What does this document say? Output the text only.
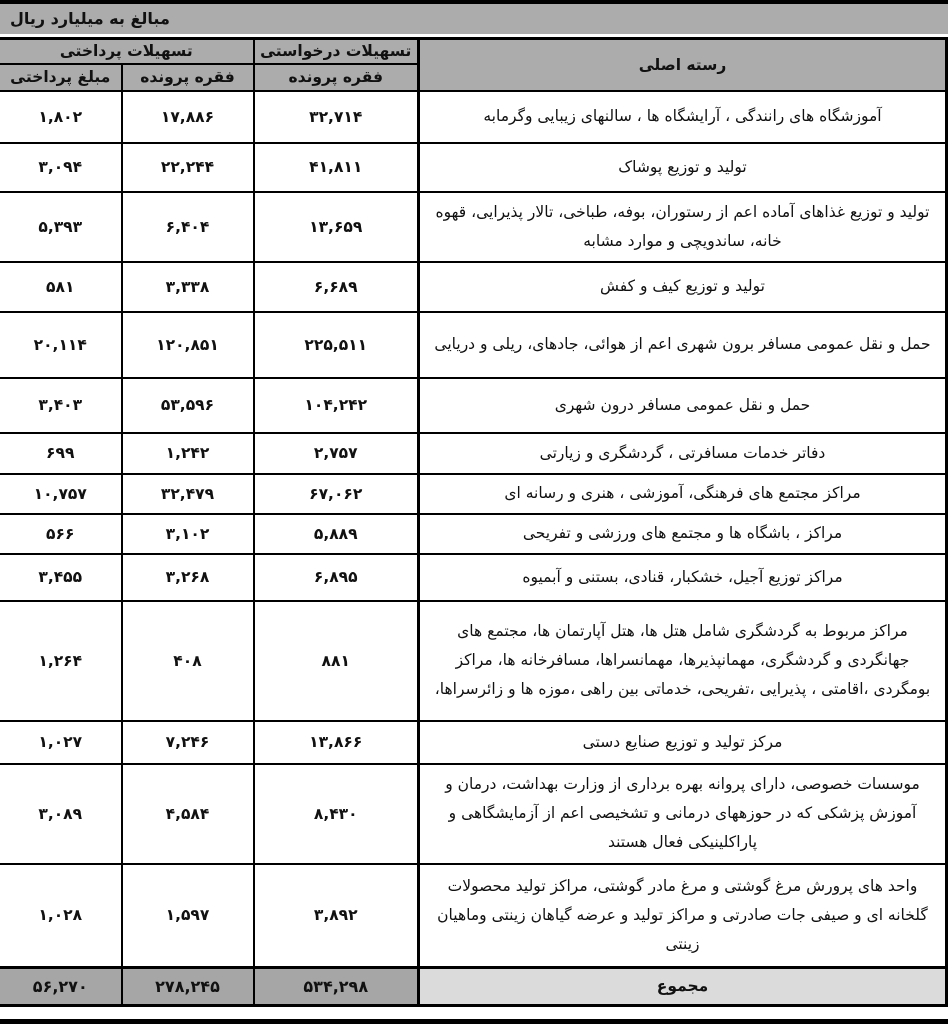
مبالغ به میلیارد ریال
رسته اصلی	تسهیلات درخواستی	تسهیلات پرداختی	
	فقره پرونده	فقره پرونده	مبلغ پرداختی
آموزشگاه های رانندگی ، آرایشگاه ها ، سالنهای زیبایی وگرمابه	۳۲,۷۱۴	۱۷,۸۸۶	۱,۸۰۲
تولید و توزیع پوشاک	۴۱,۸۱۱	۲۲,۲۴۴	۳,۰۹۴
تولید و توزیع غذاهای آماده اعم از رستوران، بوفه، طباخی، تالار پذیرایی، قهوه خانه، ساندویچی و موارد مشابه	۱۳,۶۵۹	۶,۴۰۴	۵,۳۹۳
تولید و توزیع کیف و کفش	۶,۶۸۹	۳,۳۳۸	۵۸۱
حمل و نقل عمومی مسافر برون شهری اعم از هوائی، جادهای، ریلی و دریایی	۲۲۵,۵۱۱	۱۲۰,۸۵۱	۲۰,۱۱۴
حمل و نقل عمومی مسافر درون شهری	۱۰۴,۲۴۲	۵۳,۵۹۶	۳,۴۰۳
دفاتر خدمات مسافرتی ، گردشگری و زیارتی	۲,۷۵۷	۱,۲۴۲	۶۹۹
مراکز مجتمع های فرهنگی، آموزشی ، هنری و رسانه ای	۶۷,۰۶۲	۳۲,۴۷۹	۱۰,۷۵۷
مراکز ، باشگاه ها و مجتمع های ورزشی و تفریحی	۵,۸۸۹	۳,۱۰۲	۵۶۶
مراکز توزیع آجیل، خشکبار، قنادی، بستنی و آبمیوه	۶,۸۹۵	۳,۲۶۸	۳,۴۵۵
مراکز مربوط به گردشگری شامل هتل ها، هتل آپارتمان ها، مجتمع های جهانگردی و گردشگری، مهمانپذیرها، مهمانسراها، مسافرخانه ها، مراکز بومگردی ،اقامتی ، پذیرایی ،تفریحی، خدماتی بین راهی ،موزه ها و زائرسراها،	۸۸۱	۴۰۸	۱,۲۶۴
مرکز تولید و توزیع صنایع دستی	۱۳,۸۶۶	۷,۲۴۶	۱,۰۲۷
موسسات خصوصی، دارای پروانه بهره برداری از وزارت بهداشت، درمان و آموزش پزشکی که در حوزههای درمانی و تشخیصی اعم از آزمایشگاهی و پاراکلینیکی فعال هستند	۸,۴۳۰	۴,۵۸۴	۳,۰۸۹
واحد های پرورش مرغ گوشتی و مرغ مادر گوشتی، مراکز تولید محصولات گلخانه ای و صیفی جات صادرتی و مراکز تولید و عرضه گیاهان زینتی وماهیان زینتی	۳,۸۹۲	۱,۵۹۷	۱,۰۲۸
مجموع	۵۳۴,۲۹۸	۲۷۸,۲۴۵	۵۶,۲۷۰
